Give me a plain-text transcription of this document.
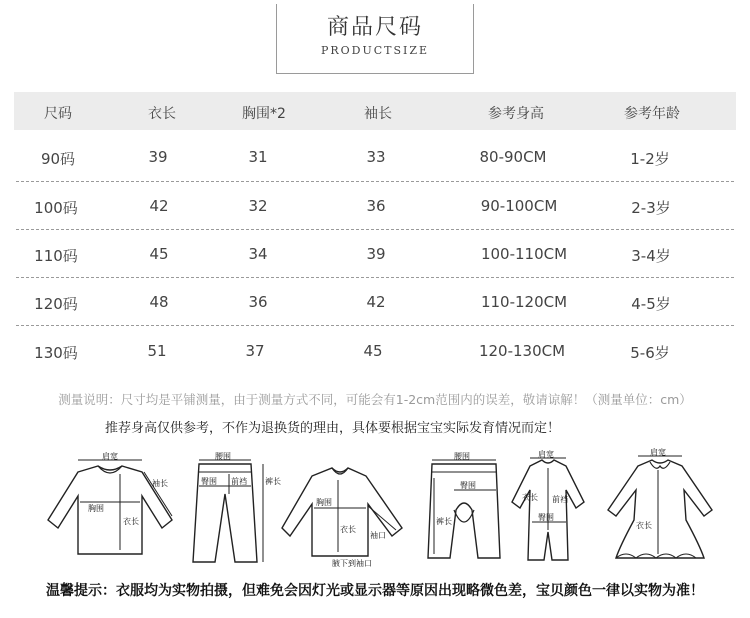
商品尺码
PRODUCTSIZE
尺码	衣长	胸围*2	袖长	参考身高	参考年龄
90码	39	31	33	80-90CM	1-2岁
100码	42	32	36	90-100CM	2-3岁
110码	45	34	39	100-110CM	3-4岁
120码	48	36	42	110-120CM	4-5岁
130码	51	37	45	120-130CM	5-6岁
测量说明：尺寸均是平铺测量，由于测量方式不同，可能会有1-2cm范围内的误差，敬请谅解！（测量单位：cm）
推荐身高仅供参考，不作为退换货的理由，具体要根据宝宝实际发育情况而定！
肩宽
袖长
胸围
衣长
腰围
臀围 前裆 裤长
胸围
衣长
袖口
腋下到袖口
腰围
裤长
臀围
肩宽
衣长 前裆
臀围
肩宽
衣长
温馨提示：衣服均为实物拍摄，但难免会因灯光或显示器等原因出现略微色差，宝贝颜色一律以实物为准！
